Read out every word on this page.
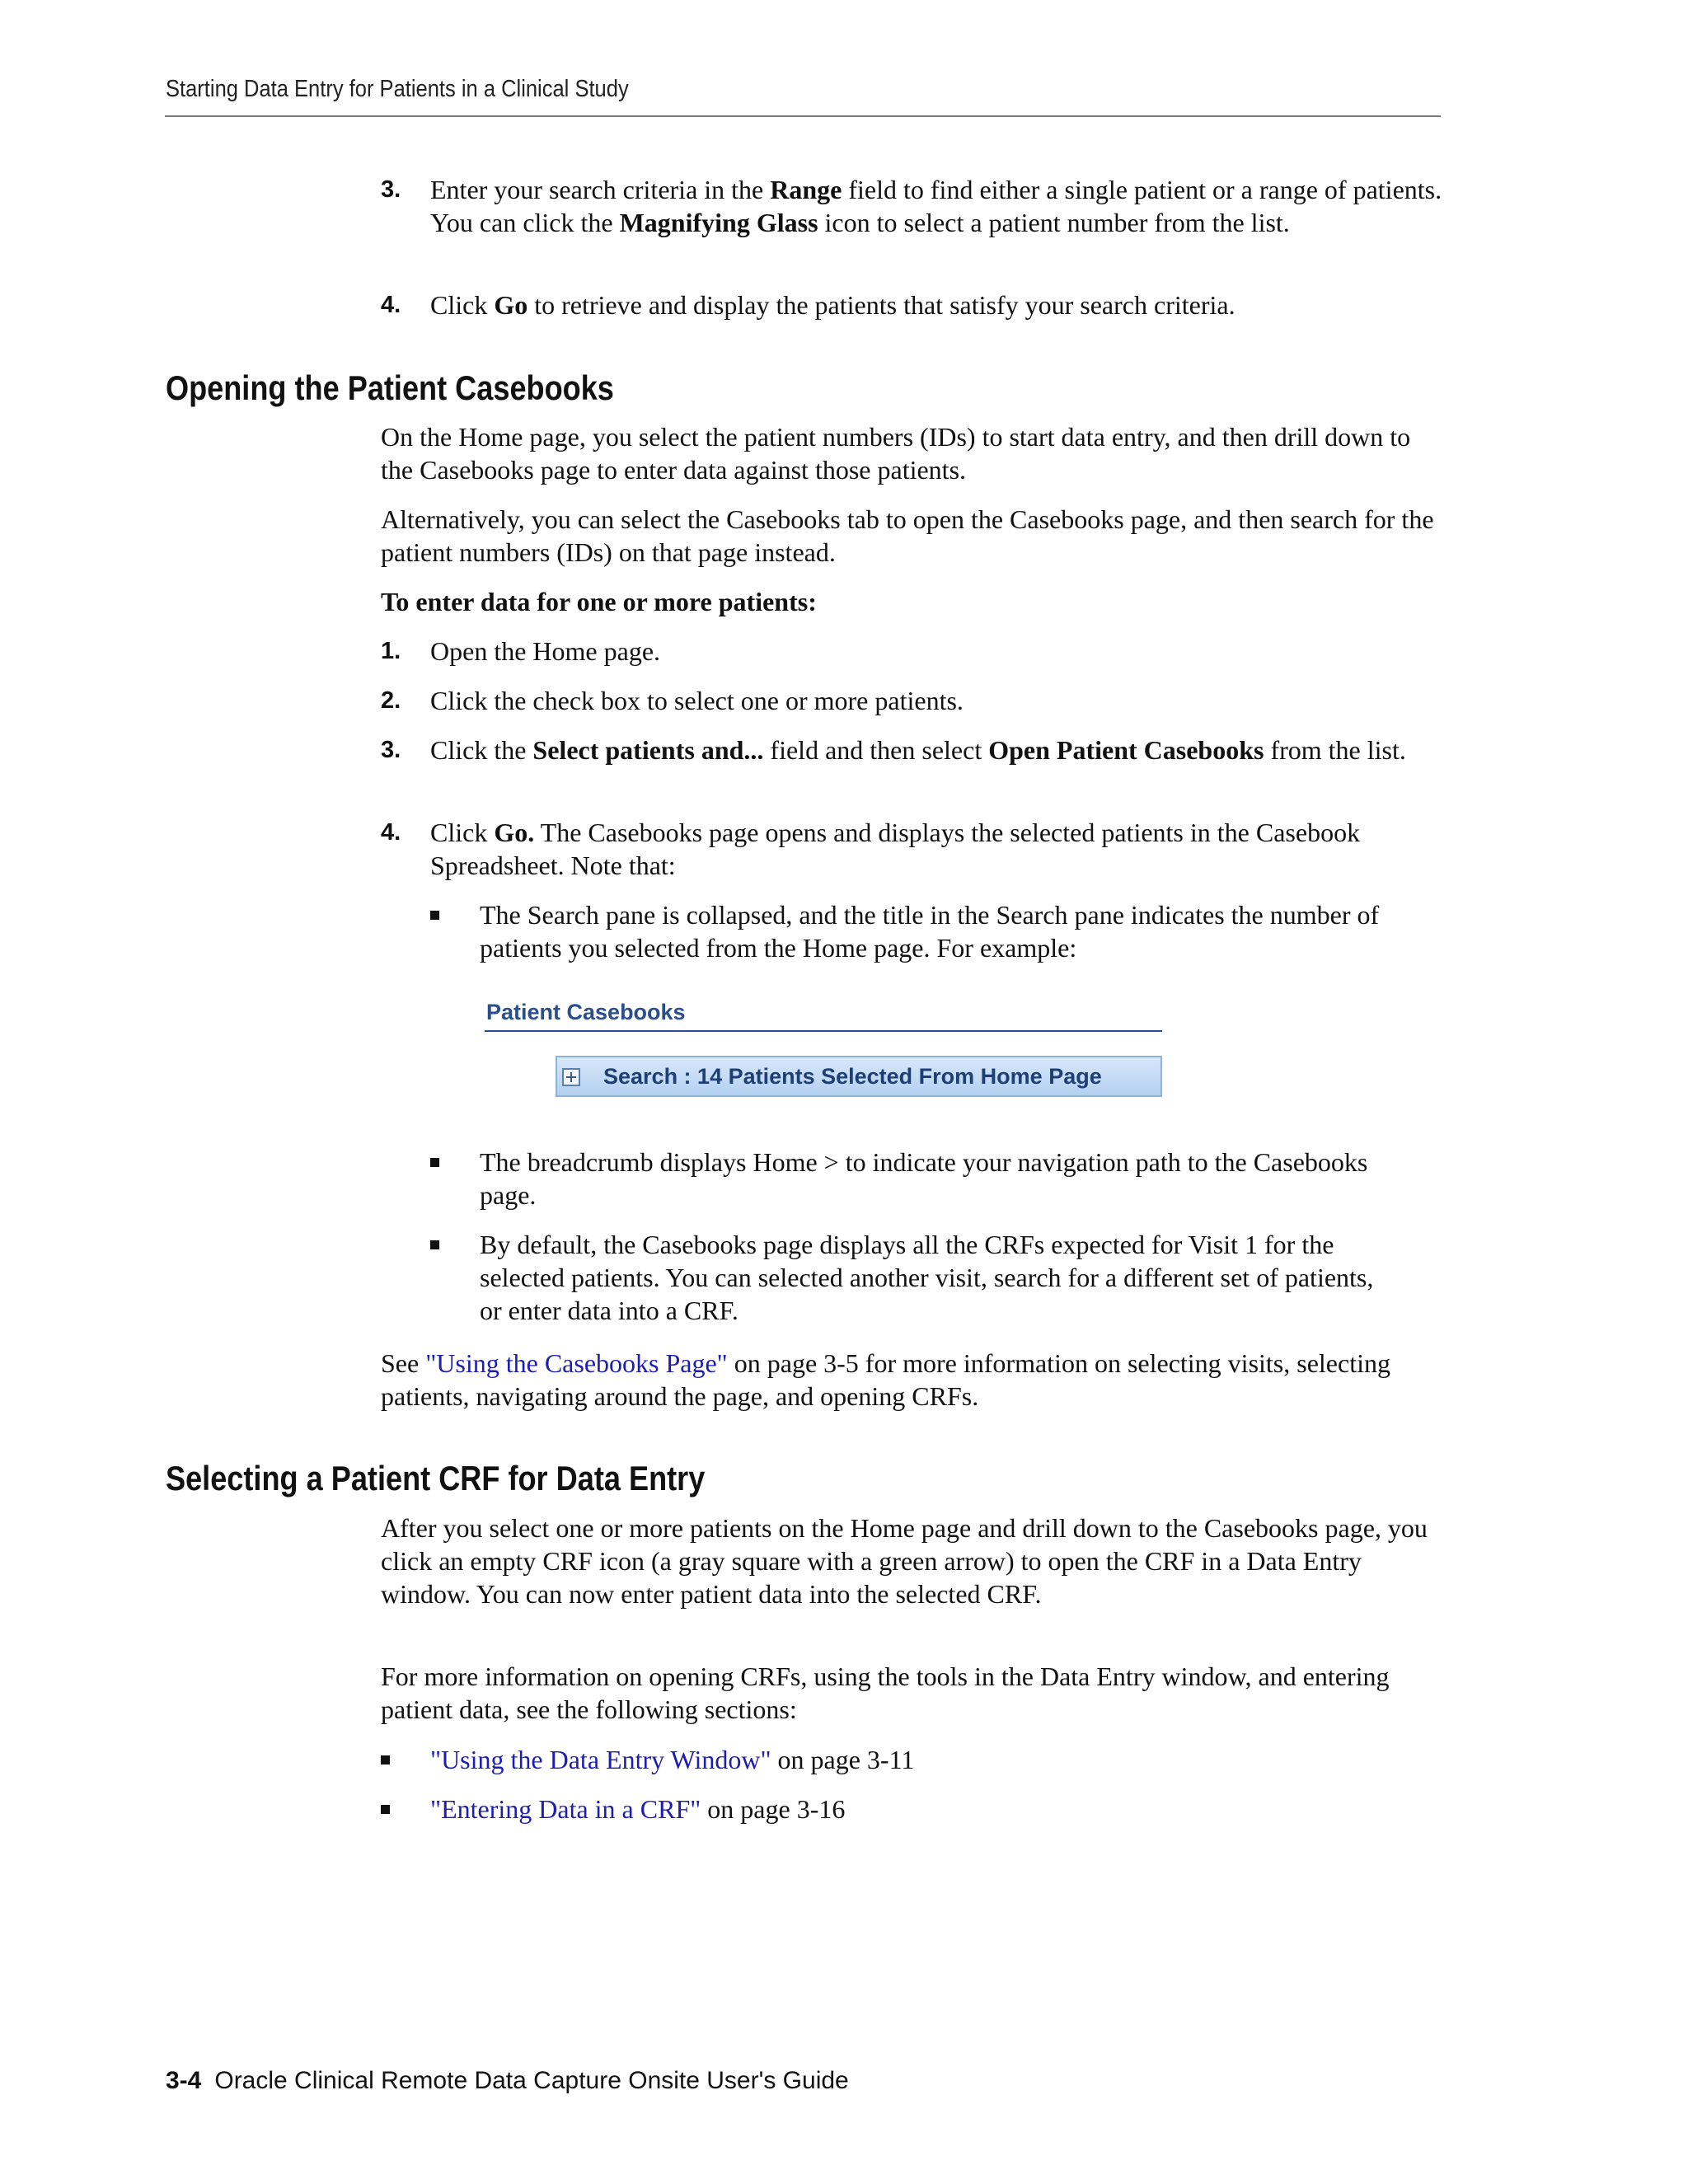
Starting Data Entry for Patients in a Clinical Study
3. Enter your search criteria in the Range field to find either a single patient or a range of patients. You can click the Magnifying Glass icon to select a patient number from the list.
4. Click Go to retrieve and display the patients that satisfy your search criteria.
Opening the Patient Casebooks
On the Home page, you select the patient numbers (IDs) to start data entry, and then drill down to the Casebooks page to enter data against those patients.
Alternatively, you can select the Casebooks tab to open the Casebooks page, and then search for the patient numbers (IDs) on that page instead.
To enter data for one or more patients:
1. Open the Home page.
2. Click the check box to select one or more patients.
3. Click the Select patients and... field and then select Open Patient Casebooks from the list.
4. Click Go. The Casebooks page opens and displays the selected patients in the Casebook Spreadsheet. Note that:
The Search pane is collapsed, and the title in the Search pane indicates the number of patients you selected from the Home page. For example:
Patient Casebooks
Search : 14 Patients Selected From Home Page
The breadcrumb displays Home > to indicate your navigation path to the Casebooks page.
By default, the Casebooks page displays all the CRFs expected for Visit 1 for the selected patients. You can selected another visit, search for a different set of patients, or enter data into a CRF.
See "Using the Casebooks Page" on page 3-5 for more information on selecting visits, selecting patients, navigating around the page, and opening CRFs.
Selecting a Patient CRF for Data Entry
After you select one or more patients on the Home page and drill down to the Casebooks page, you click an empty CRF icon (a gray square with a green arrow) to open the CRF in a Data Entry window. You can now enter patient data into the selected CRF.
For more information on opening CRFs, using the tools in the Data Entry window, and entering patient data, see the following sections:
"Using the Data Entry Window" on page 3-11
"Entering Data in a CRF" on page 3-16
3-4 Oracle Clinical Remote Data Capture Onsite User's Guide
